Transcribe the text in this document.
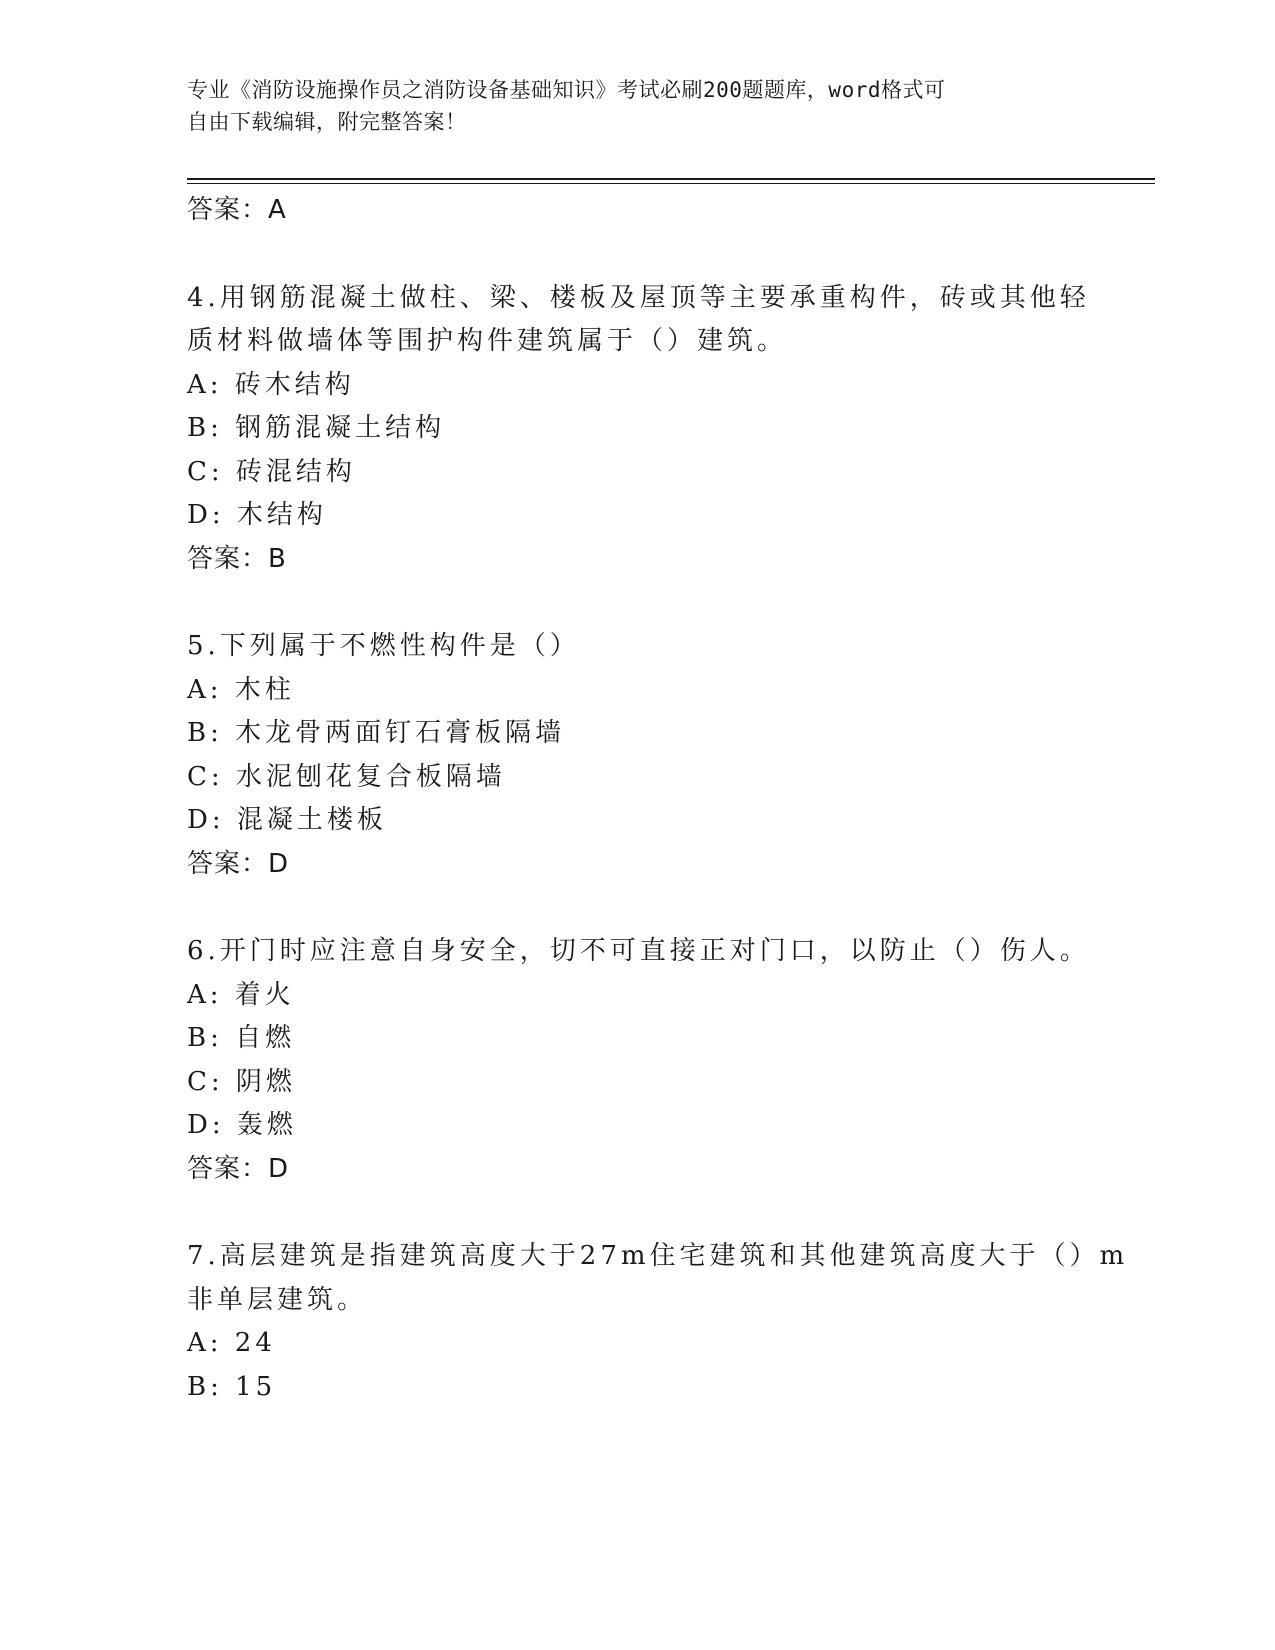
专业《消防设施操作员之消防设备基础知识》考试必刷200题题库，word格式可
自由下载编辑，附完整答案！
答案：A
4.用钢筋混凝土做柱、梁、楼板及屋顶等主要承重构件，砖或其他轻
质材料做墙体等围护构件建筑属于（）建筑。
A: 砖木结构
B: 钢筋混凝土结构
C: 砖混结构
D: 木结构
答案：B
5.下列属于不燃性构件是（）
A: 木柱
B: 木龙骨两面钉石膏板隔墙
C: 水泥刨花复合板隔墙
D: 混凝土楼板
答案：D
6.开门时应注意自身安全，切不可直接正对门口，以防止（）伤人。
A: 着火
B: 自燃
C: 阴燃
D: 轰燃
答案：D
7.高层建筑是指建筑高度大于27m住宅建筑和其他建筑高度大于（）m
非单层建筑。
A: 24
B: 15
